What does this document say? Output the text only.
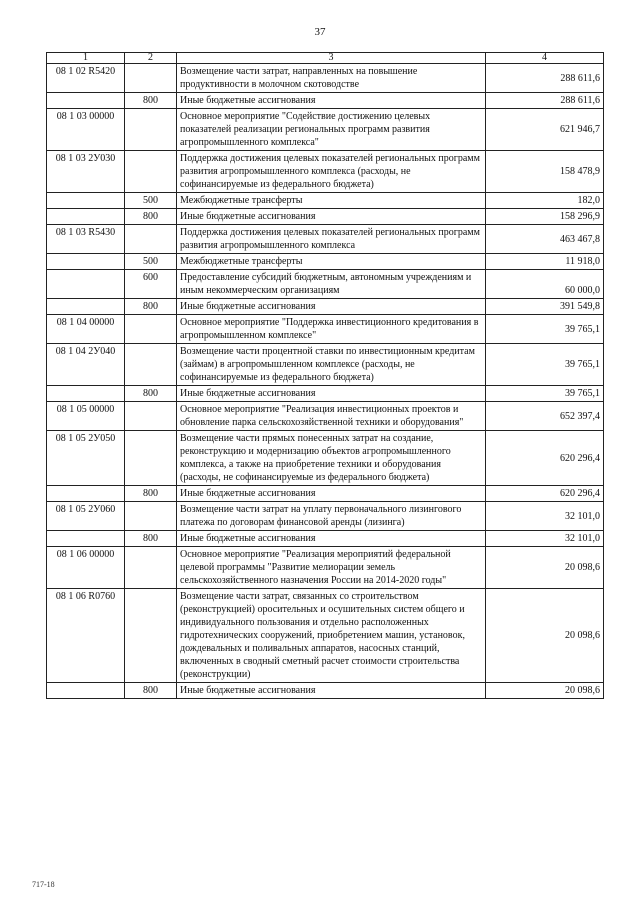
37
1	2	3	4
08 1 02 R5420		Возмещение части затрат, направленных на повышение продуктивности в молочном скотоводстве	288 611,6
	800	Иные бюджетные ассигнования	288 611,6
08 1 03 00000		Основное мероприятие "Содействие достижению целевых показателей реализации региональных программ развития агропромышленного комплекса"	621 946,7
08 1 03 2У030		Поддержка достижения целевых показателей региональных программ развития агропромышленного комплекса (расходы, не софинансируемые из федерального бюджета)	158 478,9
	500	Межбюджетные трансферты	182,0
	800	Иные бюджетные ассигнования	158 296,9
08 1 03 R5430		Поддержка достижения целевых показателей региональных программ развития агропромышленного комплекса	463 467,8
	500	Межбюджетные трансферты	11 918,0
	600	Предоставление субсидий бюджетным, автономным учреждениям и иным некоммерческим организациям	60 000,0
	800	Иные бюджетные ассигнования	391 549,8
08 1 04 00000		Основное мероприятие "Поддержка инвестиционного кредитования в агропромышленном комплексе"	39 765,1
08 1 04 2У040		Возмещение части процентной ставки по инвестиционным кредитам (займам) в агропромышленном комплексе (расходы, не софинансируемые из федерального бюджета)	39 765,1
	800	Иные бюджетные ассигнования	39 765,1
08 1 05 00000		Основное мероприятие "Реализация инвестиционных проектов и обновление парка сельскохозяйственной техники и оборудования"	652 397,4
08 1 05 2У050		Возмещение части прямых понесенных затрат на создание, реконструкцию и модернизацию объектов агропромышленного комплекса, а также на приобретение техники и оборудования (расходы, не софинансируемые из федерального бюджета)	620 296,4
	800	Иные бюджетные ассигнования	620 296,4
08 1 05 2У060		Возмещение части затрат на уплату первоначального лизингового платежа по договорам финансовой аренды (лизинга)	32 101,0
	800	Иные бюджетные ассигнования	32 101,0
08 1 06 00000		Основное мероприятие "Реализация мероприятий федеральной целевой программы "Развитие мелиорации земель сельскохозяйственного назначения России на 2014-2020 годы"	20 098,6
08 1 06 R0760		Возмещение части затрат, связанных со строительством (реконструкцией) оросительных и осушительных систем общего и индивидуального пользования и отдельно расположенных гидротехнических сооружений, приобретением машин, установок, дождевальных и поливальных аппаратов, насосных станций, включенных в сводный сметный расчет стоимости строительства (реконструкции)	20 098,6
	800	Иные бюджетные ассигнования	20 098,6
717-18
